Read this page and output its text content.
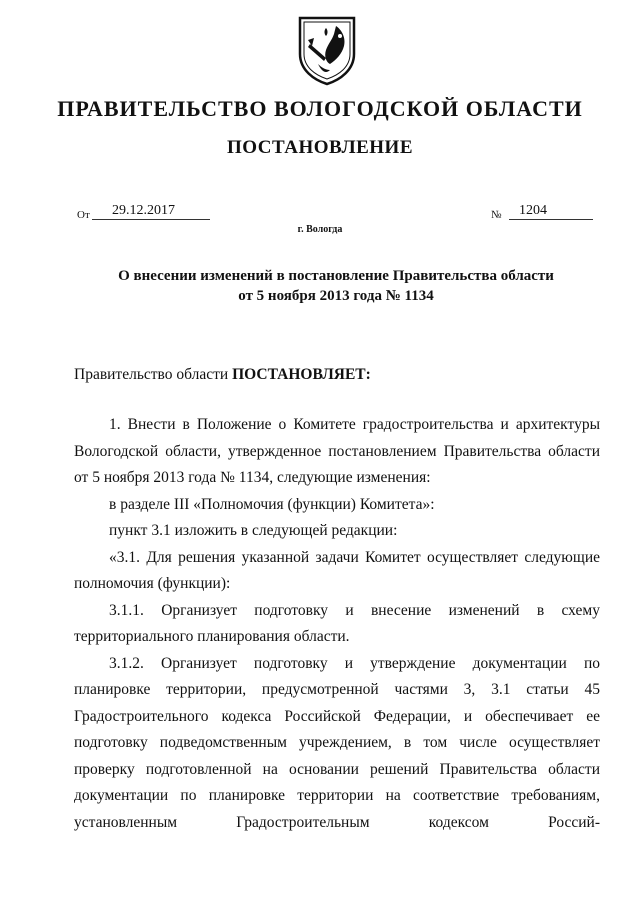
ПРАВИТЕЛЬСТВО ВОЛОГОДСКОЙ ОБЛАСТИ
ПОСТАНОВЛЕНИЕ
От	29.12.2017	№	1204
г. Вологда
О внесении изменений в постановление Правительства области
от 5 ноября 2013 года № 1134
Правительство области ПОСТАНОВЛЯЕТ:

1. Внести в Положение о Комитете градостроительства и архитектуры Вологодской области, утвержденное постановлением Правительства области от 5 ноября 2013 года № 1134, следующие изменения:

в разделе III «Полномочия (функции) Комитета»:

пункт 3.1 изложить в следующей редакции:

«3.1. Для решения указанной задачи Комитет осуществляет следующие полномочия (функции):

3.1.1. Организует подготовку и внесение изменений в схему территориального планирования области.

3.1.2. Организует подготовку и утверждение документации по планировке территории, предусмотренной частями 3, 3.1 статьи 45 Градостроительного кодекса Российской Федерации, и обеспечивает ее подготовку подведомственным учреждением, в том числе осуществляет проверку подготовленной на основании решений Правительства области документации по планировке территории на соответствие требованиям, установленным Градостроительным кодексом Россий-
